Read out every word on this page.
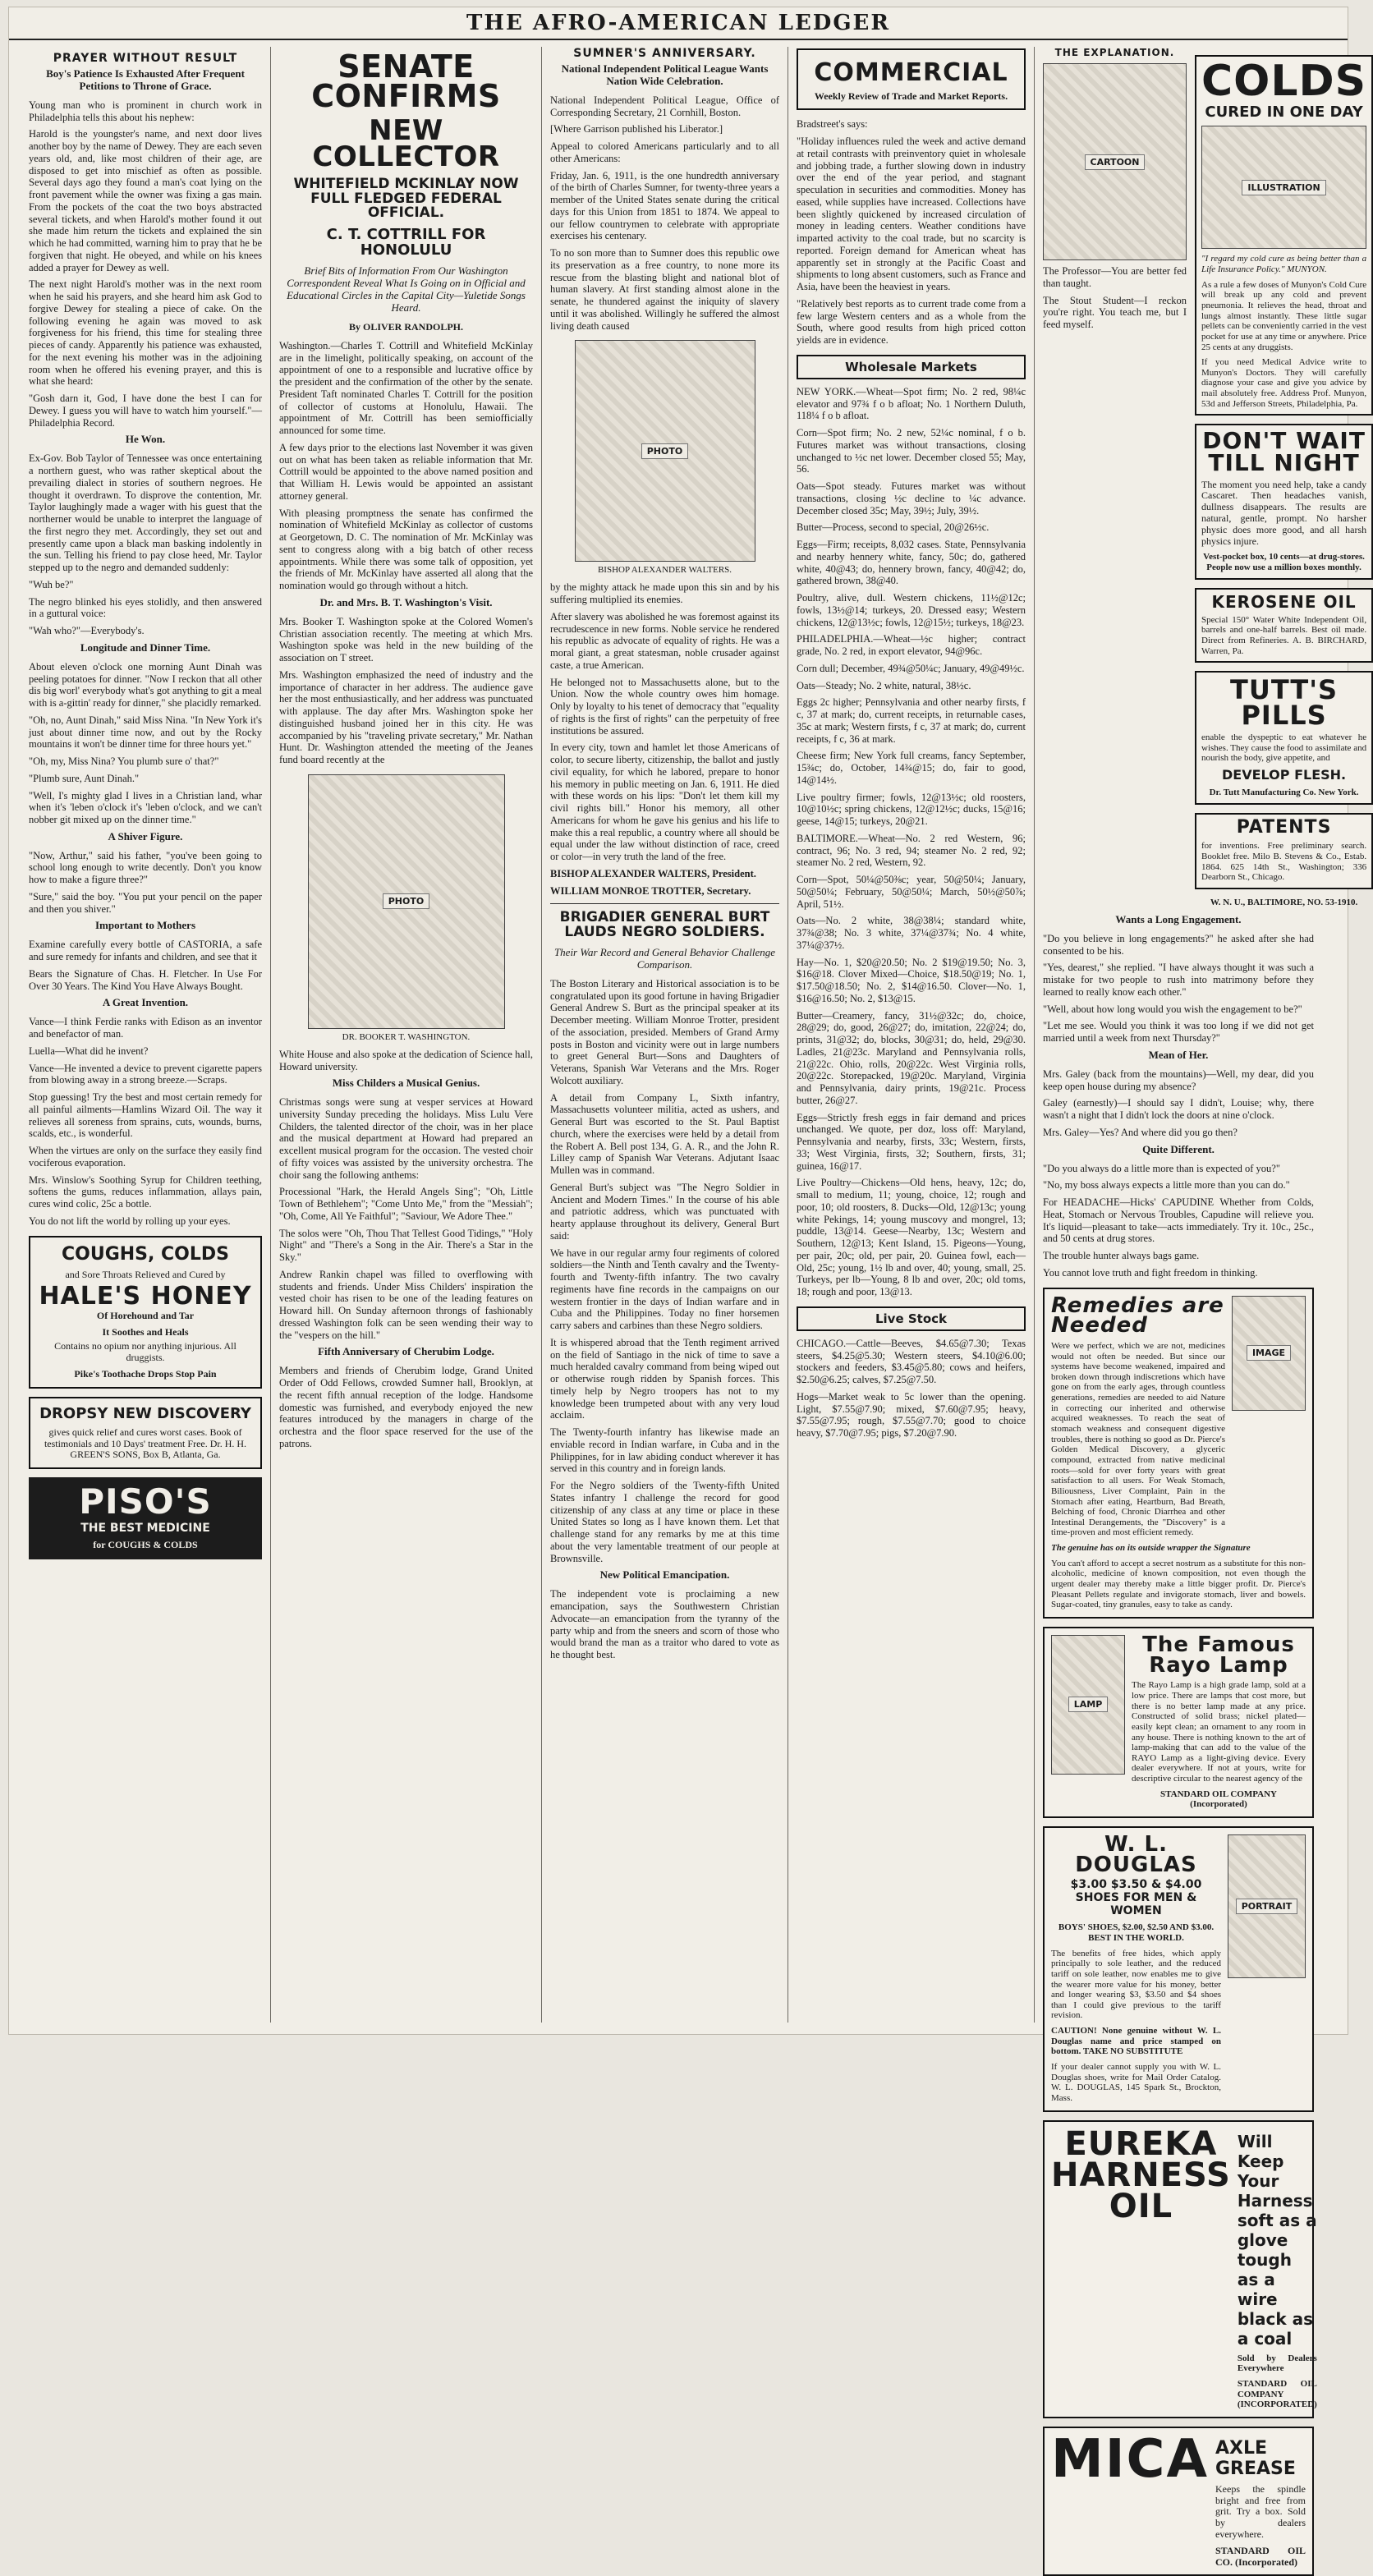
THE AFRO-AMERICAN LEDGER
PRAYER WITHOUT RESULT
Boy's Patience Is Exhausted After Frequent Petitions to Throne of Grace.

Young man who is prominent in church work in Philadelphia tells this about his nephew:

Harold is the youngster's name, and next door lives another boy by the name of Dewey. They are each seven years old, and, like most children of their age, are disposed to get into mischief as often as possible. Several days ago they found a man's coat lying on the front pavement while the owner was fixing a gas main. From the pockets of the coat the two boys abstracted several tickets, and when Harold's mother found it out she made him return the tickets and explained the sin which he had committed, warning him to pray that he be forgiven that night. He obeyed, and while on his knees added a prayer for Dewey as well.

The next night Harold's mother was in the next room when he said his prayers, and she heard him ask God to forgive Dewey for stealing a piece of cake. On the following evening he again was moved to ask forgiveness for his friend, this time for stealing three pieces of candy. Apparently his patience was exhausted, for the next evening his mother was in the adjoining room when he offered his evening prayer, and this is what she heard:

"Gosh darn it, God, I have done the best I can for Dewey. I guess you will have to watch him yourself."—Philadelphia Record.

He Won.

Ex-Gov. Bob Taylor of Tennessee was once entertaining a northern guest, who was rather skeptical about the prevailing dialect in stories of southern negroes. He thought it overdrawn. To disprove the contention, Mr. Taylor laughingly made a wager with his guest that the northerner would be unable to interpret the language of the first negro they met. Accordingly, they set out and presently came upon a black man basking indolently in the sun. Telling his friend to pay close heed, Mr. Taylor stepped up to the negro and demanded suddenly:

"Wuh be?"

The negro blinked his eyes stolidly, and then answered in a guttural voice:

"Wah who?"—Everybody's.

Longitude and Dinner Time.

About eleven o'clock one morning Aunt Dinah was peeling potatoes for dinner. "Now I reckon that all other dis big worl' everybody what's got anything to git a meal with is a-gittin' ready for dinner," she placidly remarked.

"Oh, no, Aunt Dinah," said Miss Nina. "In New York it's just about dinner time now, and out by the Rocky mountains it won't be dinner time for three hours yet."

"Oh, my, Miss Nina? You plumb sure o' that?"

"Plumb sure, Aunt Dinah."

"Well, I's mighty glad I lives in a Christian land, whar when it's 'leben o'clock it's 'leben o'clock, and we can't nobber git mixed up on the dinner time."

A Shiver Figure.

"Now, Arthur," said his father, "you've been going to school long enough to write decently. Don't you know how to make a figure three?"

"Sure," said the boy. "You put your pencil on the paper and then you shiver."

Important to Mothers

Examine carefully every bottle of CASTORIA, a safe and sure remedy for infants and children, and see that it

Bears the Signature of Chas. H. Fletcher. In Use For Over 30 Years. The Kind You Have Always Bought.

A Great Invention.

Vance—I think Ferdie ranks with Edison as an inventor and benefactor of man.

Luella—What did he invent?

Vance—He invented a device to prevent cigarette papers from blowing away in a strong breeze.—Scraps.

Stop guessing! Try the best and most certain remedy for all painful ailments—Hamlins Wizard Oil. The way it relieves all soreness from sprains, cuts, wounds, burns, scalds, etc., is wonderful.

When the virtues are only on the surface they easily find vociferous evaporation.

Mrs. Winslow's Soothing Syrup for Children teething, softens the gums, reduces inflammation, allays pain, cures wind colic, 25c a bottle.

You do not lift the world by rolling up your eyes.

COUGHS, COLDS
and Sore Throats Relieved and Cured by
HALE'S HONEY
Of Horehound and Tar
It Soothes and Heals
Contains no opium nor anything injurious. All druggists.
Pike's Toothache Drops Stop Pain
DROPSY NEW DISCOVERY
gives quick relief and cures worst cases. Book of testimonials and 10 Days' treatment Free. Dr. H. H. GREEN'S SONS, Box B, Atlanta, Ga.
PISO'S
THE BEST MEDICINE
for COUGHS & COLDS
SENATE CONFIRMS
NEW COLLECTOR
WHITEFIELD MCKINLAY NOW FULL FLEDGED FEDERAL OFFICIAL.
C. T. COTTRILL FOR HONOLULU
Brief Bits of Information From Our Washington Correspondent Reveal What Is Going on in Official and Educational Circles in the Capital City—Yuletide Songs Heard.
By OLIVER RANDOLPH.

Washington.—Charles T. Cottrill and Whitefield McKinlay are in the limelight, politically speaking, on account of the appointment of one to a responsible and lucrative office by the president and the confirmation of the other by the senate. President Taft nominated Charles T. Cottrill for the position of collector of customs at Honolulu, Hawaii. The appointment of Mr. Cottrill has been semiofficially announced for some time.

A few days prior to the elections last November it was given out on what has been taken as reliable information that Mr. Cottrill would be appointed to the above named position and that William H. Lewis would be appointed an assistant attorney general.

With pleasing promptness the senate has confirmed the nomination of Whitefield McKinlay as collector of customs at Georgetown, D. C. The nomination of Mr. McKinlay was sent to congress along with a big batch of other recess appointments. While there was some talk of opposition, yet the friends of Mr. McKinlay have asserted all along that the nomination would go through without a hitch.

Dr. and Mrs. B. T. Washington's Visit.

Mrs. Booker T. Washington spoke at the Colored Women's Christian association recently. The meeting at which Mrs. Washington spoke was held in the new building of the association on T street.

Mrs. Washington emphasized the need of industry and the importance of character in her address. The audience gave her the most enthusiastically, and her address was punctuated with applause. The day after Mrs. Washington spoke her distinguished husband joined her in this city. He was accompanied by his "traveling private secretary," Mr. Nathan Hunt. Dr. Washington attended the meeting of the Jeanes fund board recently at the

PHOTO
DR. BOOKER T. WASHINGTON.

White House and also spoke at the dedication of Science hall, Howard university.

Miss Childers a Musical Genius.

Christmas songs were sung at vesper services at Howard university Sunday preceding the holidays. Miss Lulu Vere Childers, the talented director of the choir, was in her place and the musical department at Howard had prepared an excellent musical program for the occasion. The vested choir of fifty voices was assisted by the university orchestra. The choir sang the following anthems:

Processional "Hark, the Herald Angels Sing"; "Oh, Little Town of Bethlehem"; "Come Unto Me," from the "Messiah"; "Oh, Come, All Ye Faithful"; "Saviour, We Adore Thee."

The solos were "Oh, Thou That Tellest Good Tidings," "Holy Night" and "There's a Song in the Air. There's a Star in the Sky."

Andrew Rankin chapel was filled to overflowing with students and friends. Under Miss Childers' inspiration the vested choir has risen to be one of the leading features on Howard hill. On Sunday afternoon throngs of fashionably dressed Washington folk can be seen wending their way to the "vespers on the hill."

Fifth Anniversary of Cherubim Lodge.

Members and friends of Cherubim lodge, Grand United Order of Odd Fellows, crowded Sumner hall, Brooklyn, at the recent fifth annual reception of the lodge. Handsome domestic was furnished, and everybody enjoyed the new features introduced by the managers in charge of the orchestra and the floor space reserved for the use of the patrons.

SUMNER'S ANNIVERSARY.
National Independent Political League Wants Nation Wide Celebration.

National Independent Political League, Office of Corresponding Secretary, 21 Cornhill, Boston.

[Where Garrison published his Liberator.]

Appeal to colored Americans particularly and to all other Americans:

Friday, Jan. 6, 1911, is the one hundredth anniversary of the birth of Charles Sumner, for twenty-three years a member of the United States senate during the critical days for this Union from 1851 to 1874. We appeal to our fellow countrymen to celebrate with appropriate exercises his centenary.

To no son more than to Sumner does this republic owe its preservation as a free country, to none more its rescue from the blasting blight and national blot of human slavery. At first standing almost alone in the senate, he thundered against the iniquity of slavery until it was abolished. Willingly he suffered the almost living death caused

PHOTO
BISHOP ALEXANDER WALTERS.

by the mighty attack he made upon this sin and by his suffering multiplied its enemies.

After slavery was abolished he was foremost against its recrudescence in new forms. Noble service he rendered his republic as advocate of equality of rights. He was a moral giant, a great statesman, noble crusader against caste, a true American.

He belonged not to Massachusetts alone, but to the Union. Now the whole country owes him homage. Only by loyalty to his tenet of democracy that "equality of rights is the first of rights" can the perpetuity of free institutions be assured.

In every city, town and hamlet let those Americans of color, to secure liberty, citizenship, the ballot and justly civil equality, for which he labored, prepare to honor his memory in public meeting on Jan. 6, 1911. He died with these words on his lips: "Don't let them kill my civil rights bill." Honor his memory, all other Americans for whom he gave his genius and his life to make this a real republic, a country where all should be equal under the law without distinction of race, creed or color—in very truth the land of the free.

BISHOP ALEXANDER WALTERS, President.

WILLIAM MONROE TROTTER, Secretary.

BRIGADIER GENERAL BURT LAUDS NEGRO SOLDIERS.
Their War Record and General Behavior Challenge Comparison.

The Boston Literary and Historical association is to be congratulated upon its good fortune in having Brigadier General Andrew S. Burt as the principal speaker at its December meeting. William Monroe Trotter, president of the association, presided. Members of Grand Army posts in Boston and vicinity were out in large numbers to greet General Burt—Sons and Daughters of Veterans, Spanish War Veterans and the Mrs. Roger Wolcott auxiliary.

A detail from Company L, Sixth infantry, Massachusetts volunteer militia, acted as ushers, and General Burt was escorted to the St. Paul Baptist church, where the exercises were held by a detail from the Robert A. Bell post 134, G. A. R., and the John R. Lilley camp of Spanish War Veterans. Adjutant Isaac Mullen was in command.

General Burt's subject was "The Negro Soldier in Ancient and Modern Times." In the course of his able and patriotic address, which was punctuated with hearty applause throughout its delivery, General Burt said:

We have in our regular army four regiments of colored soldiers—the Ninth and Tenth cavalry and the Twenty-fourth and Twenty-fifth infantry. The two cavalry regiments have fine records in the campaigns on our western frontier in the days of Indian warfare and in Cuba and the Philippines. Today no finer horsemen carry sabers and carbines than these Negro soldiers.

It is whispered abroad that the Tenth regiment arrived on the field of Santiago in the nick of time to save a much heralded cavalry command from being wiped out or otherwise rough ridden by Spanish forces. This timely help by Negro troopers has not to my knowledge been trumpeted about with any very loud acclaim.

The Twenty-fourth infantry has likewise made an enviable record in Indian warfare, in Cuba and in the Philippines, for in law abiding conduct wherever it has served in this country and in foreign lands.

For the Negro soldiers of the Twenty-fifth United States infantry I challenge the record for good citizenship of any class at any time or place in these United States so long as I have known them. Let that challenge stand for any remarks by me at this time about the very lamentable treatment of our people at Brownsville.

New Political Emancipation.

The independent vote is proclaiming a new emancipation, says the Southwestern Christian Advocate—an emancipation from the tyranny of the party whip and from the sneers and scorn of those who would brand the man as a traitor who dared to vote as he thought best.

COMMERCIAL
Weekly Review of Trade and Market Reports.

Bradstreet's says:

"Holiday influences ruled the week and active demand at retail contrasts with preinventory quiet in wholesale and jobbing trade, a further slowing down in industry over the end of the year period, and stagnant speculation in securities and commodities. Money has eased, while supplies have increased. Collections have been slightly quickened by increased circulation of money in leading centers. Weather conditions have imparted activity to the coal trade, but no scarcity is reported. Foreign demand for American wheat has apparently set in strongly at the Pacific Coast and shipments to long absent customers, such as France and Asia, have been the heaviest in years.

"Relatively best reports as to current trade come from a few large Western centers and as a whole from the South, where good results from high priced cotton yields are in evidence.

Wholesale Markets

NEW YORK.—Wheat—Spot firm; No. 2 red, 98¼c elevator and 97¾ f o b afloat; No. 1 Northern Duluth, 118¼ f o b afloat.

Corn—Spot firm; No. 2 new, 52¼c nominal, f o b. Futures market was without transactions, closing unchanged to ½c net lower. December closed 55; May, 56.

Oats—Spot steady. Futures market was without transactions, closing ½c decline to ¼c advance. December closed 35c; May, 39½; July, 39½.

Butter—Process, second to special, 20@26½c.

Eggs—Firm; receipts, 8,032 cases. State, Pennsylvania and nearby hennery white, fancy, 50c; do, gathered white, 40@43; do, hennery brown, fancy, 40@42; do, gathered brown, 38@40.

Poultry, alive, dull. Western chickens, 11½@12c; fowls, 13½@14; turkeys, 20. Dressed easy; Western chickens, 12@13½c; fowls, 12@15½; turkeys, 18@23.

PHILADELPHIA.—Wheat—½c higher; contract grade, No. 2 red, in export elevator, 94@96c.

Corn dull; December, 49¾@50¼c; January, 49@49½c.

Oats—Steady; No. 2 white, natural, 38½c.

Eggs 2c higher; Pennsylvania and other nearby firsts, f c, 37 at mark; do, current receipts, in returnable cases, 35c at mark; Western firsts, f c, 37 at mark; do, current receipts, f c, 36 at mark.

Cheese firm; New York full creams, fancy September, 15¾c; do, October, 14¾@15; do, fair to good, 14@14½.

Live poultry firmer; fowls, 12@13½c; old roosters, 10@10½c; spring chickens, 12@12½c; ducks, 15@16; geese, 14@15; turkeys, 20@21.

BALTIMORE.—Wheat—No. 2 red Western, 96; contract, 96; No. 3 red, 94; steamer No. 2 red, 92; steamer No. 2 red, Western, 92.

Corn—Spot, 50¼@50⅜c; year, 50@50¼; January, 50@50¼; February, 50@50¼; March, 50½@50⅞; April, 51½.

Oats—No. 2 white, 38@38¼; standard white, 37¾@38; No. 3 white, 37¼@37¾; No. 4 white, 37¼@37½.

Hay—No. 1, $20@20.50; No. 2 $19@19.50; No. 3, $16@18. Clover Mixed—Choice, $18.50@19; No. 1, $17.50@18.50; No. 2, $14@16.50. Clover—No. 1, $16@16.50; No. 2, $13@15.

Butter—Creamery, fancy, 31½@32c; do, choice, 28@29; do, good, 26@27; do, imitation, 22@24; do, prints, 31@32; do, blocks, 30@31; do, held, 29@30. Ladles, 21@23c. Maryland and Pennsylvania rolls, 21@22c. Ohio, rolls, 20@22c. West Virginia rolls, 20@22c. Storepacked, 19@20c. Maryland, Virginia and Pennsylvania, dairy prints, 19@21c. Process butter, 26@27.

Eggs—Strictly fresh eggs in fair demand and prices unchanged. We quote, per doz, loss off: Maryland, Pennsylvania and nearby, firsts, 33c; Western, firsts, 33; West Virginia, firsts, 32; Southern, firsts, 31; guinea, 16@17.

Live Poultry—Chickens—Old hens, heavy, 12c; do, small to medium, 11; young, choice, 12; rough and poor, 10; old roosters, 8. Ducks—Old, 12@13c; young white Pekings, 14; young muscovy and mongrel, 13; puddle, 13@14. Geese—Nearby, 13c; Western and Southern, 12@13; Kent Island, 15. Pigeons—Young, per pair, 20c; old, per pair, 20. Guinea fowl, each—Old, 25c; young, 1½ lb and over, 40; young, small, 25. Turkeys, per lb—Young, 8 lb and over, 20c; old toms, 18; rough and poor, 13@13.

Live Stock

CHICAGO.—Cattle—Beeves, $4.65@7.30; Texas steers, $4.25@5.30; Western steers, $4.10@6.00; stockers and feeders, $3.45@5.80; cows and heifers, $2.50@6.25; calves, $7.25@7.50.

Hogs—Market weak to 5c lower than the opening. Light, $7.55@7.90; mixed, $7.60@7.95; heavy, $7.55@7.95; rough, $7.55@7.70; good to choice heavy, $7.70@7.95; pigs, $7.20@7.90.

THE EXPLANATION.
CARTOON

The Professor—You are better fed than taught.

The Stout Student—I reckon you're right. You teach me, but I feed myself.

COLDS
CURED IN ONE DAY
ILLUSTRATION
"I regard my cold cure as being better than a Life Insurance Policy." MUNYON.
As a rule a few doses of Munyon's Cold Cure will break up any cold and prevent pneumonia. It relieves the head, throat and lungs almost instantly. These little sugar pellets can be conveniently carried in the vest pocket for use at any time or anywhere. Price 25 cents at any druggists.
If you need Medical Advice write to Munyon's Doctors. They will carefully diagnose your case and give you advice by mail absolutely free. Address Prof. Munyon, 53d and Jefferson Streets, Philadelphia, Pa.
DON'T WAIT TILL NIGHT
The moment you need help, take a candy Cascaret. Then headaches vanish, dullness disappears. The results are natural, gentle, prompt. No harsher physic does more good, and all harsh physics injure.
Vest-pocket box, 10 cents—at drug-stores. People now use a million boxes monthly.
KEROSENE OIL
Special 150° Water White Independent Oil, barrels and one-half barrels. Best oil made. Direct from Refineries. A. B. BIRCHARD, Warren, Pa.
TUTT'S PILLS
enable the dyspeptic to eat whatever he wishes. They cause the food to assimilate and nourish the body, give appetite, and
DEVELOP FLESH.
Dr. Tutt Manufacturing Co. New York.
PATENTS
for inventions. Free preliminary search. Booklet free. Milo B. Stevens & Co., Estab. 1864. 625 14th St., Washington; 336 Dearborn St., Chicago.
W. N. U., BALTIMORE, NO. 53-1910.
Wants a Long Engagement.

"Do you believe in long engagements?" he asked after she had consented to be his.

"Yes, dearest," she replied. "I have always thought it was such a mistake for two people to rush into matrimony before they learned to really know each other."

"Well, about how long would you wish the engagement to be?"

"Let me see. Would you think it was too long if we did not get married until a week from next Thursday?"

Mean of Her.

Mrs. Galey (back from the mountains)—Well, my dear, did you keep open house during my absence?

Galey (earnestly)—I should say I didn't, Louise; why, there wasn't a night that I didn't lock the doors at nine o'clock.

Mrs. Galey—Yes? And where did you go then?

Quite Different.

"Do you always do a little more than is expected of you?"

"No, my boss always expects a little more than you can do."

For HEADACHE—Hicks' CAPUDINE Whether from Colds, Heat, Stomach or Nervous Troubles, Capudine will relieve you. It's liquid—pleasant to take—acts immediately. Try it. 10c., 25c., and 50 cents at drug stores.

The trouble hunter always bags game.

You cannot love truth and fight freedom in thinking.

Remedies are Needed
Were we perfect, which we are not, medicines would not often be needed. But since our systems have become weakened, impaired and broken down through indiscretions which have gone on from the early ages, through countless generations, remedies are needed to aid Nature in correcting our inherited and otherwise acquired weaknesses. To reach the seat of stomach weakness and consequent digestive troubles, there is nothing so good as Dr. Pierce's Golden Medical Discovery, a glyceric compound, extracted from native medicinal roots—sold for over forty years with great satisfaction to all users. For Weak Stomach, Biliousness, Liver Complaint, Pain in the Stomach after eating, Heartburn, Bad Breath, Belching of food, Chronic Diarrhea and other Intestinal Derangements, the "Discovery" is a time-proven and most efficient remedy.
IMAGE
The genuine has on its outside wrapper the Signature
You can't afford to accept a secret nostrum as a substitute for this non-alcoholic, medicine of known composition, not even though the urgent dealer may thereby make a little bigger profit. Dr. Pierce's Pleasant Pellets regulate and invigorate stomach, liver and bowels. Sugar-coated, tiny granules, easy to take as candy.
LAMP
The Famous Rayo Lamp
The Rayo Lamp is a high grade lamp, sold at a low price. There are lamps that cost more, but there is no better lamp made at any price. Constructed of solid brass; nickel plated—easily kept clean; an ornament to any room in any house. There is nothing known to the art of lamp-making that can add to the value of the RAYO Lamp as a light-giving device. Every dealer everywhere. If not at yours, write for descriptive circular to the nearest agency of the
STANDARD OIL COMPANY (Incorporated)
W. L. DOUGLAS
$3.00 $3.50 & $4.00 SHOES FOR MEN & WOMEN
BOYS' SHOES, $2.00, $2.50 AND $3.00. BEST IN THE WORLD.
The benefits of free hides, which apply principally to sole leather, and the reduced tariff on sole leather, now enables me to give the wearer more value for his money, better and longer wearing $3, $3.50 and $4 shoes than I could give previous to the tariff revision.
CAUTION! None genuine without W. L. Douglas name and price stamped on bottom. TAKE NO SUBSTITUTE
If your dealer cannot supply you with W. L. Douglas shoes, write for Mail Order Catalog. W. L. DOUGLAS, 145 Spark St., Brockton, Mass.
PORTRAIT
EUREKA HARNESS OIL
Will Keep Your Harness soft as a glove tough as a wire black as a coal
Sold by Dealers Everywhere
STANDARD OIL COMPANY (INCORPORATED)
MICA AXLE GREASE
Keeps the spindle bright and free from grit. Try a box. Sold by dealers everywhere.
STANDARD OIL CO. (Incorporated)
